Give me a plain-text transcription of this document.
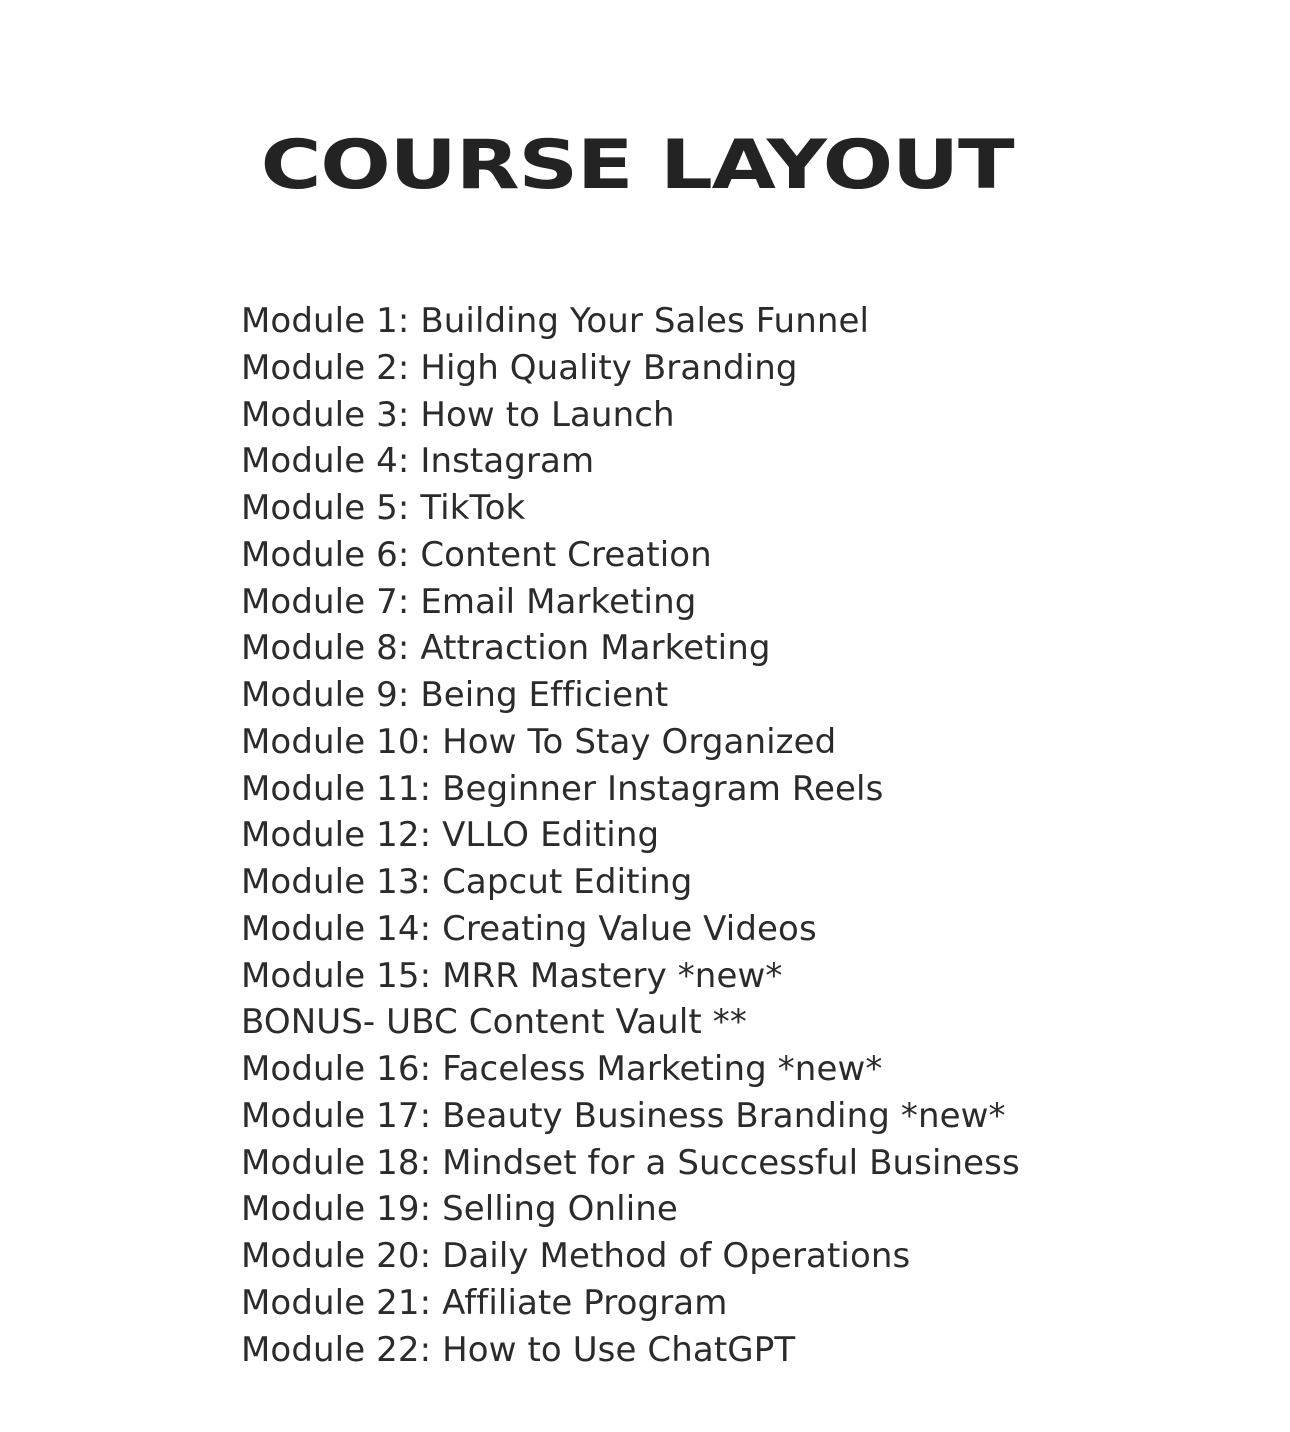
COURSE LAYOUT
Module 1: Building Your Sales Funnel
Module 2: High Quality Branding
Module 3: How to Launch
Module 4: Instagram
Module 5: TikTok
Module 6: Content Creation
Module 7: Email Marketing
Module 8: Attraction Marketing
Module 9: Being Efficient
Module 10: How To Stay Organized
Module 11: Beginner Instagram Reels
Module 12: VLLO Editing
Module 13: Capcut Editing
Module 14: Creating Value Videos
Module 15: MRR Mastery *new*
BONUS- UBC Content Vault **
Module 16: Faceless Marketing *new*
Module 17: Beauty Business Branding *new*
Module 18: Mindset for a Successful Business
Module 19: Selling Online
Module 20: Daily Method of Operations
Module 21: Affiliate Program
Module 22: How to Use ChatGPT
